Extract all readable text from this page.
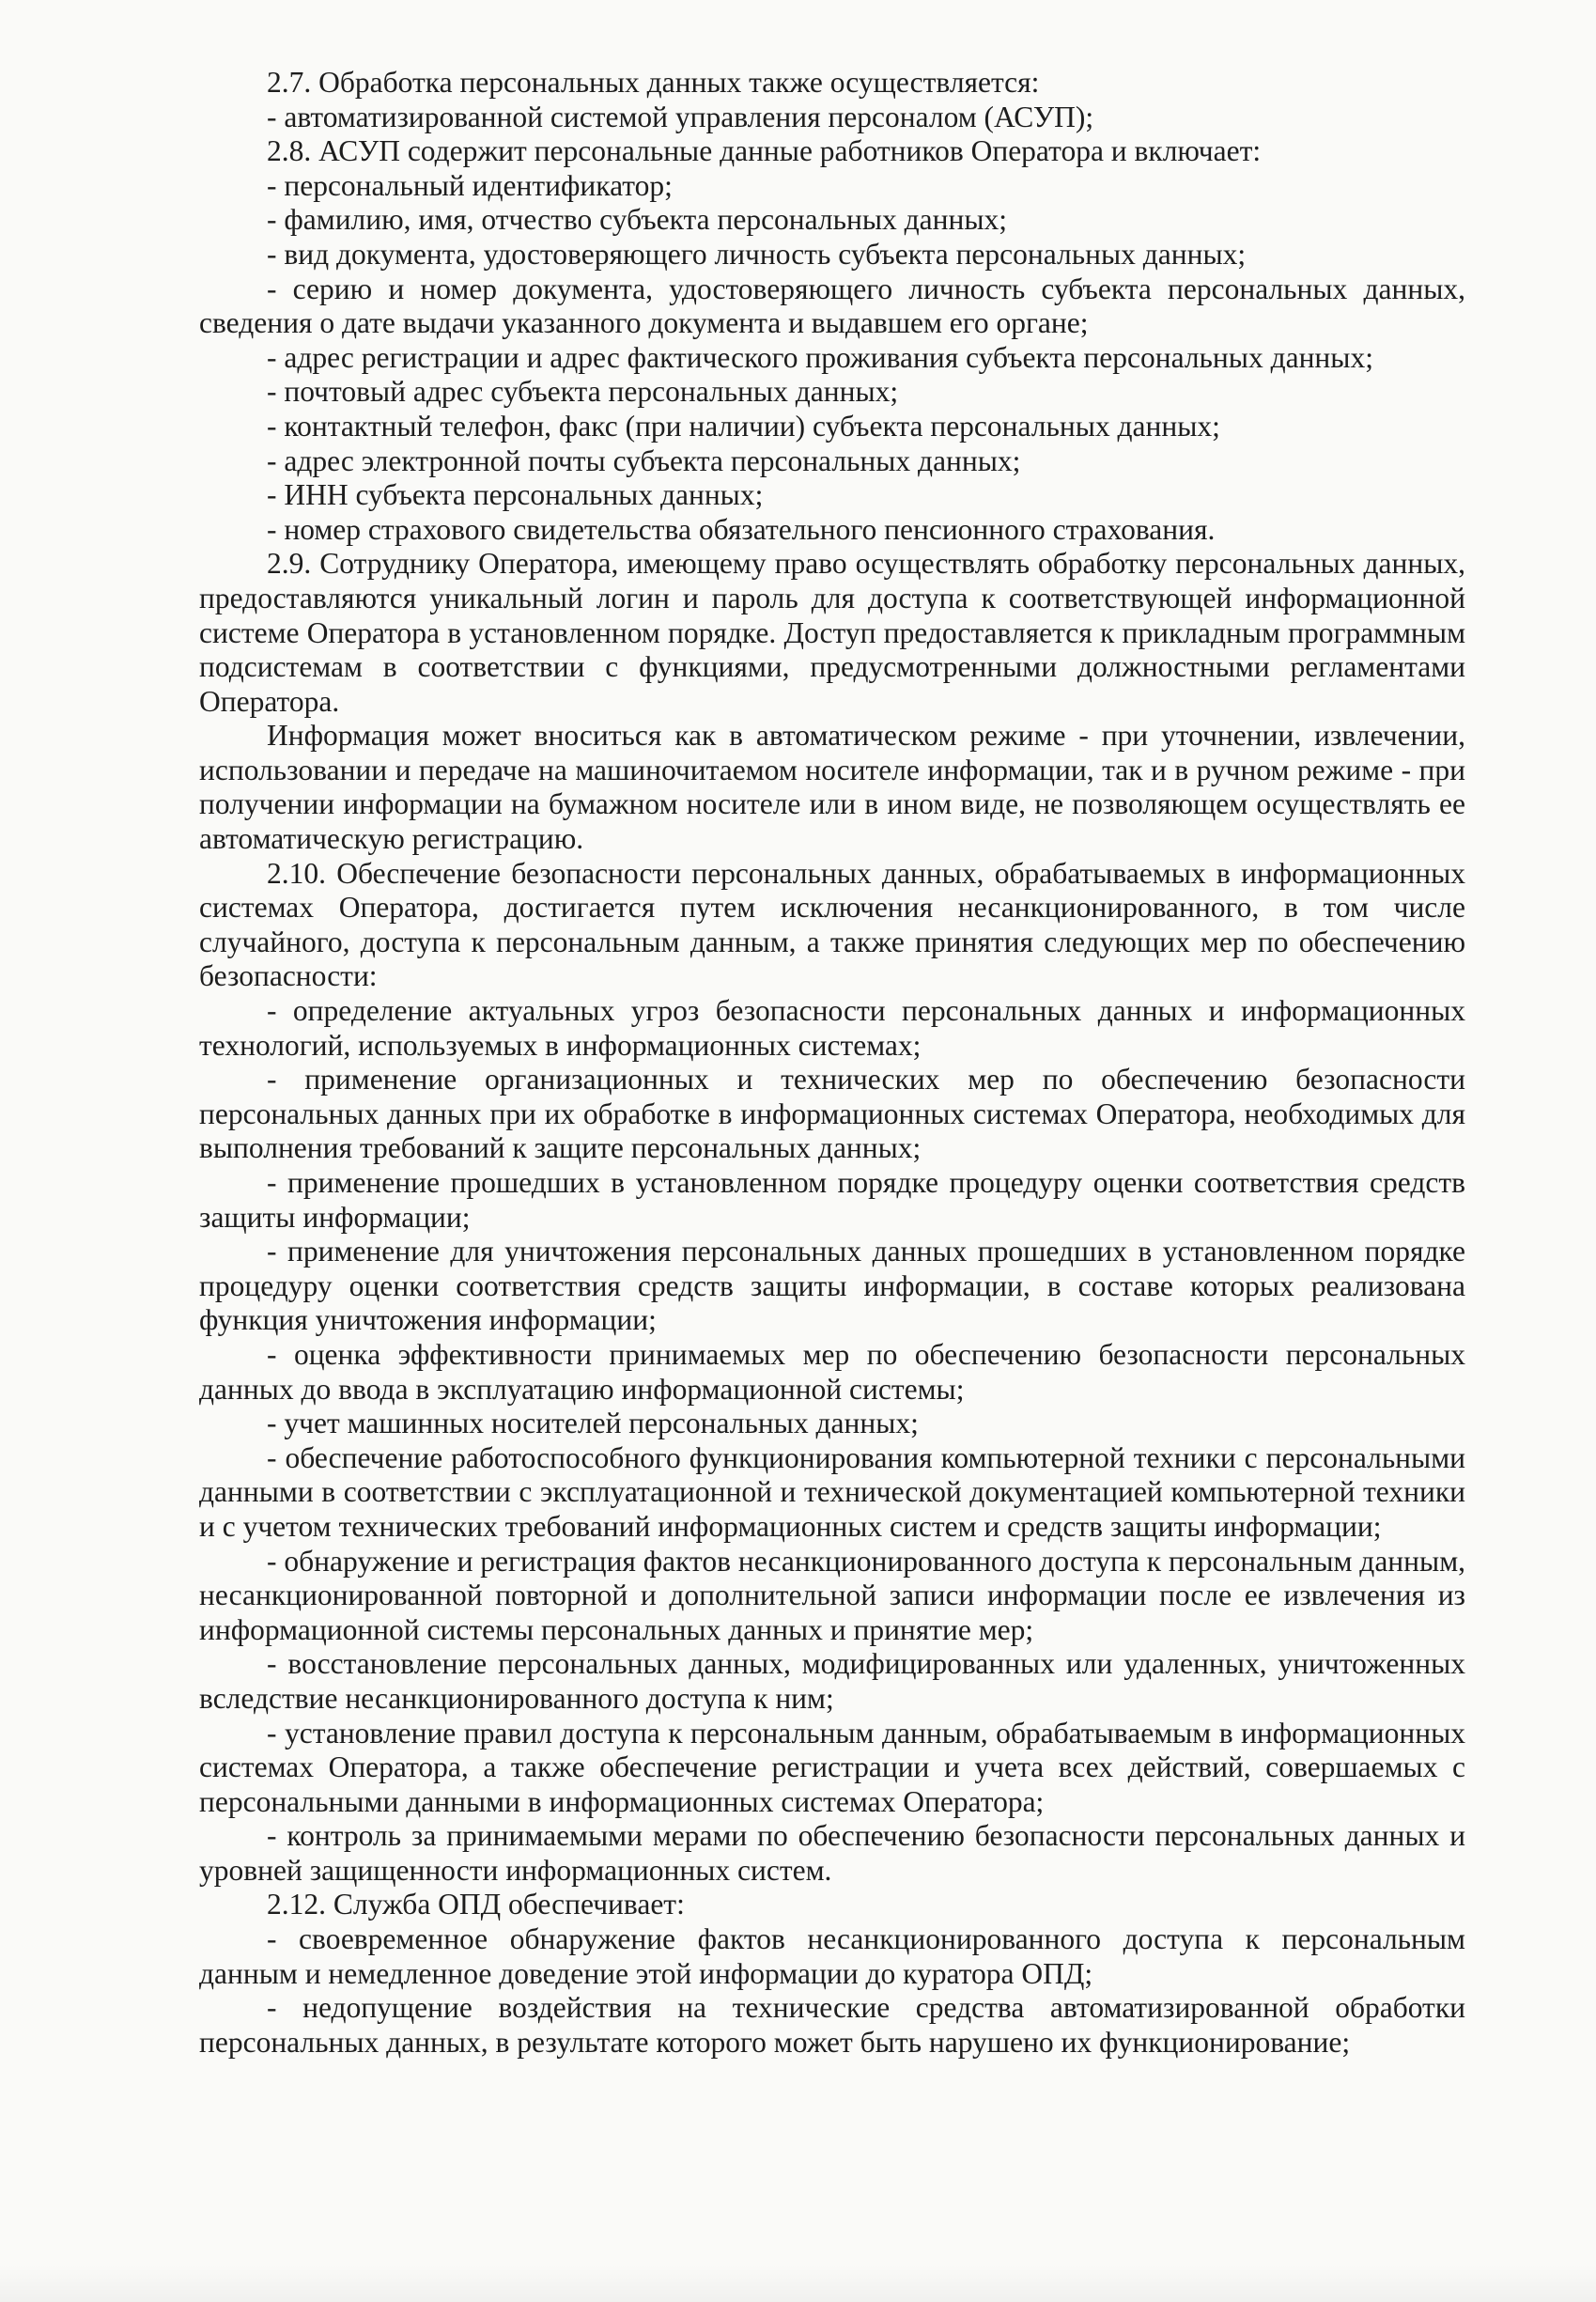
2.7. Обработка персональных данных также осуществляется:

- автоматизированной системой управления персоналом (АСУП);

2.8. АСУП содержит персональные данные работников Оператора и включает:

- персональный идентификатор;

- фамилию, имя, отчество субъекта персональных данных;

- вид документа, удостоверяющего личность субъекта персональных данных;

- серию и номер документа, удостоверяющего личность субъекта персональных данных, сведения о дате выдачи указанного документа и выдавшем его органе;

- адрес регистрации и адрес фактического проживания субъекта персональных данных;

- почтовый адрес субъекта персональных данных;

- контактный телефон, факс (при наличии) субъекта персональных данных;

- адрес электронной почты субъекта персональных данных;

- ИНН субъекта персональных данных;

- номер страхового свидетельства обязательного пенсионного страхования.

2.9. Сотруднику Оператора, имеющему право осуществлять обработку персональных данных, предоставляются уникальный логин и пароль для доступа к соответствующей информационной системе Оператора в установленном порядке. Доступ предоставляется к прикладным программным подсистемам в соответствии с функциями, предусмотренными должностными регламентами Оператора.

Информация может вноситься как в автоматическом режиме - при уточнении, извлечении, использовании и передаче на машиночитаемом носителе информации, так и в ручном режиме - при получении информации на бумажном носителе или в ином виде, не позволяющем осуществлять ее автоматическую регистрацию.

2.10. Обеспечение безопасности персональных данных, обрабатываемых в информационных системах Оператора, достигается путем исключения несанкционированного, в том числе случайного, доступа к персональным данным, а также принятия следующих мер по обеспечению безопасности:

- определение актуальных угроз безопасности персональных данных и информационных технологий, используемых в информационных системах;

- применение организационных и технических мер по обеспечению безопасности персональных данных при их обработке в информационных системах Оператора, необходимых для выполнения требований к защите персональных данных;

- применение прошедших в установленном порядке процедуру оценки соответствия средств защиты информации;

- применение для уничтожения персональных данных прошедших в установленном порядке процедуру оценки соответствия средств защиты информации, в составе которых реализована функция уничтожения информации;

- оценка эффективности принимаемых мер по обеспечению безопасности персональных данных до ввода в эксплуатацию информационной системы;

- учет машинных носителей персональных данных;

- обеспечение работоспособного функционирования компьютерной техники с персональными данными в соответствии с эксплуатационной и технической документацией компьютерной техники и с учетом технических требований информационных систем и средств защиты информации;

- обнаружение и регистрация фактов несанкционированного доступа к персональным данным, несанкционированной повторной и дополнительной записи информации после ее извлечения из информационной системы персональных данных и принятие мер;

- восстановление персональных данных, модифицированных или удаленных, уничтоженных вследствие несанкционированного доступа к ним;

- установление правил доступа к персональным данным, обрабатываемым в информационных системах Оператора, а также обеспечение регистрации и учета всех действий, совершаемых с персональными данными в информационных системах Оператора;

- контроль за принимаемыми мерами по обеспечению безопасности персональных данных и уровней защищенности информационных систем.

2.12. Служба ОПД обеспечивает:

- своевременное обнаружение фактов несанкционированного доступа к персональным данным и немедленное доведение этой информации до куратора ОПД;

- недопущение воздействия на технические средства автоматизированной обработки персональных данных, в результате которого может быть нарушено их функционирование;
